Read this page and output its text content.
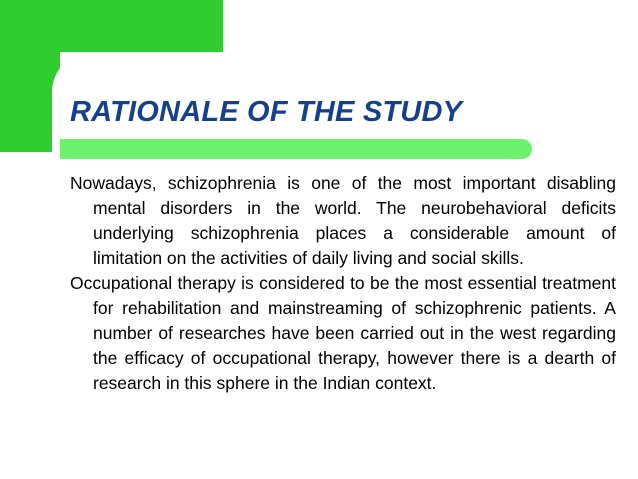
RATIONALE OF THE STUDY

Nowadays, schizophrenia is one of the most important disabling mental disorders in the world. The neurobehavioral deficits underlying schizophrenia places a considerable amount of limitation on the activities of daily living and social skills.

Occupational therapy is considered to be the most essential treatment for rehabilitation and mainstreaming of schizophrenic patients. A number of researches have been carried out in the west regarding the efficacy of occupational therapy, however there is a dearth of research in this sphere in the Indian context.
